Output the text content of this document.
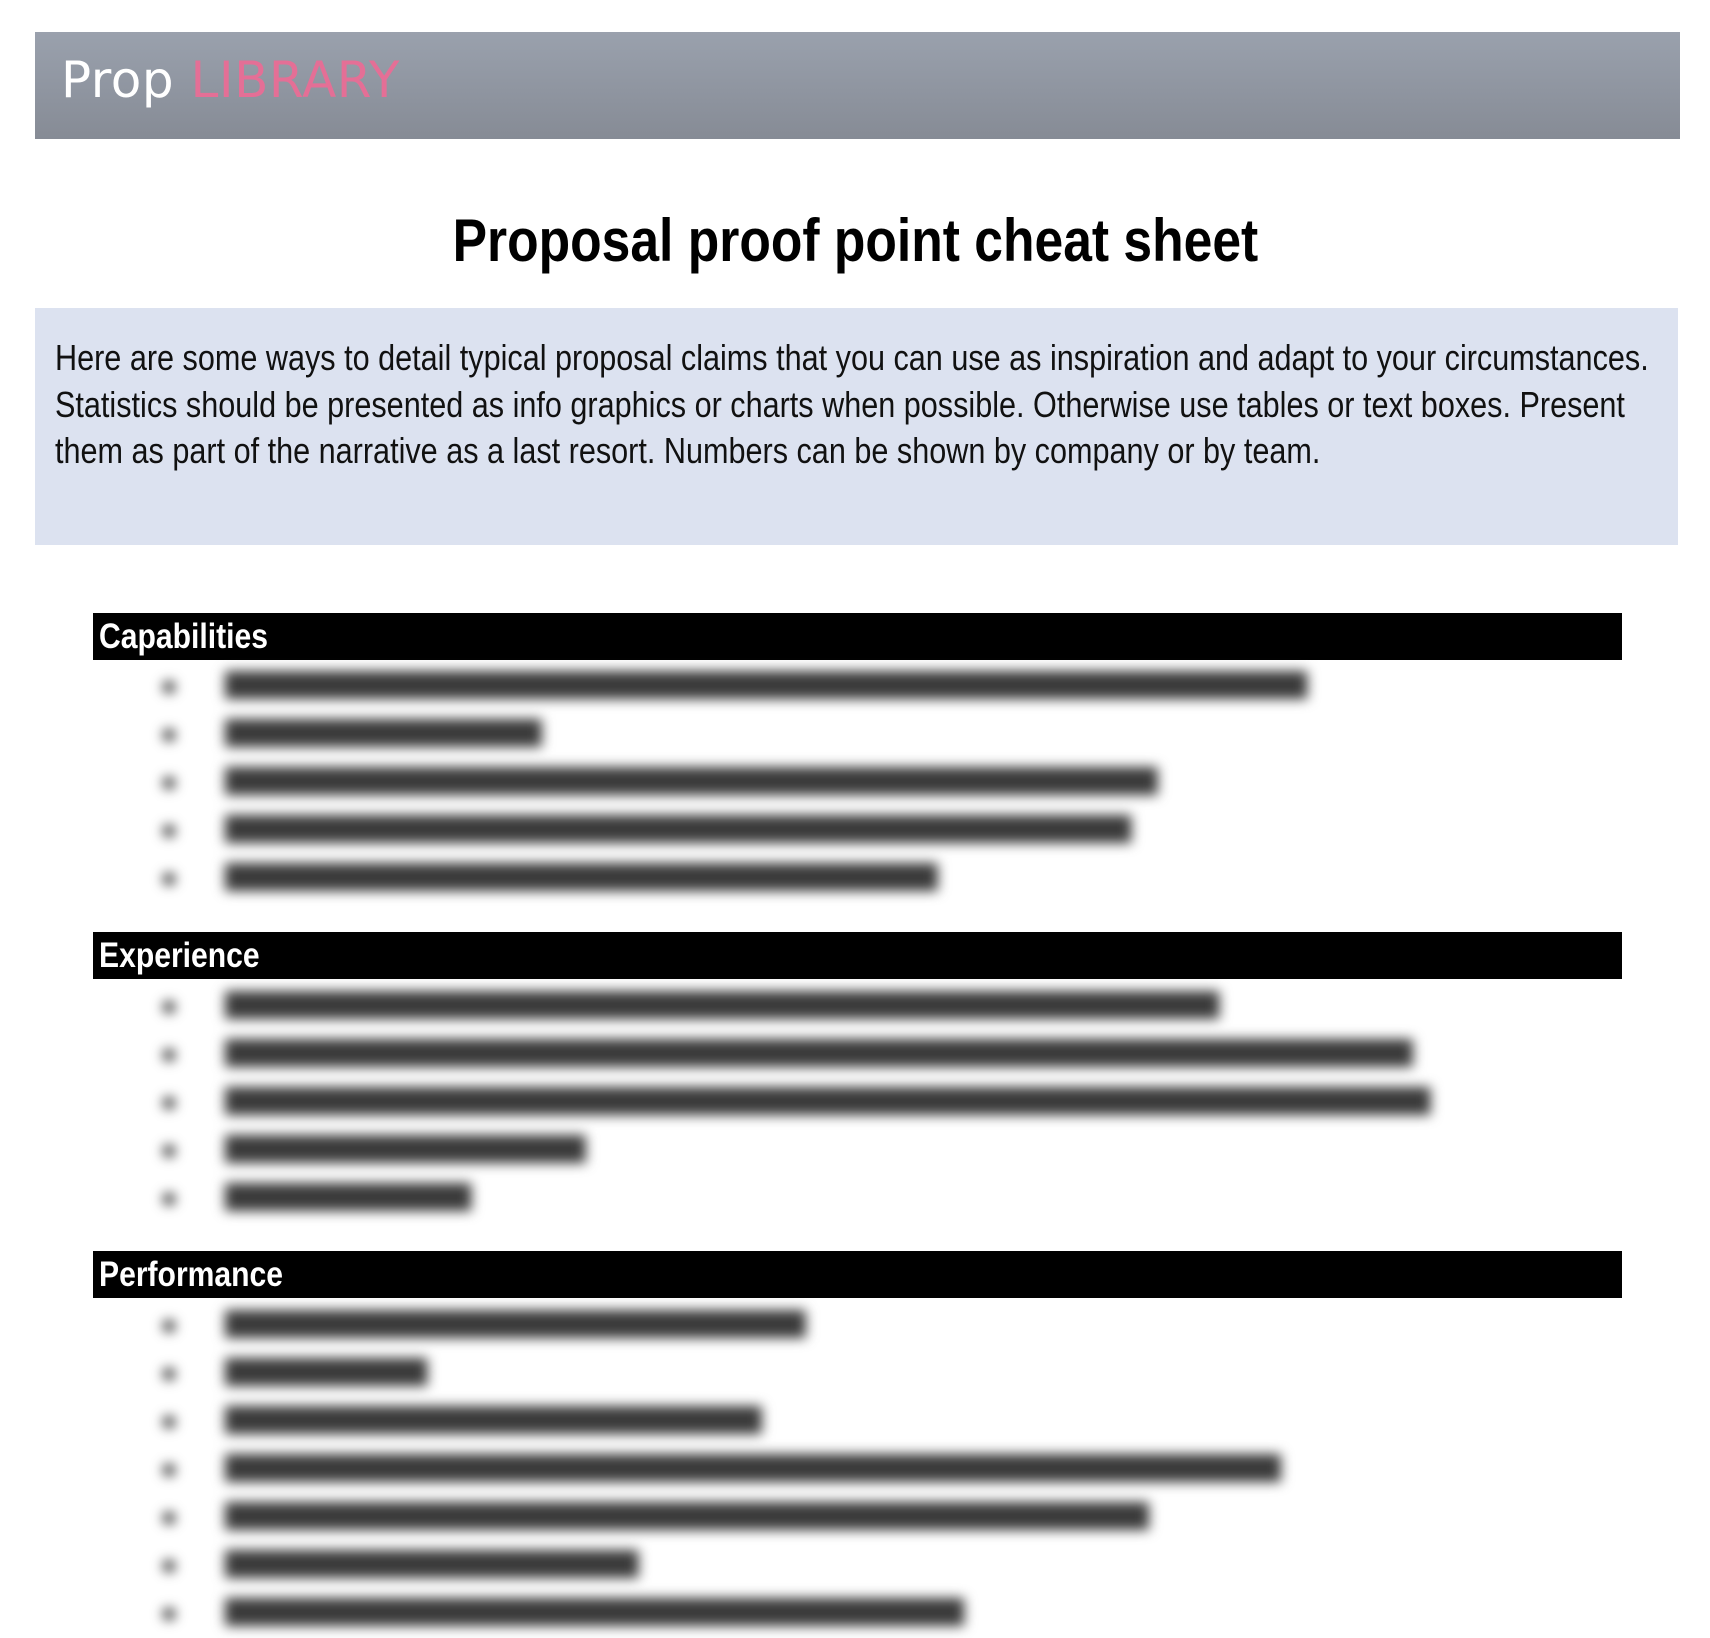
Prop LIBRARY
Proposal proof point cheat sheet

Here are some ways to detail typical proposal claims that you can use as inspiration and adapt to your circumstances. Statistics should be presented as info graphics or charts when possible. Otherwise use tables or text boxes. Present them as part of the narrative as a last resort. Numbers can be shown by company or by team.

Capabilities
Experience
Performance
